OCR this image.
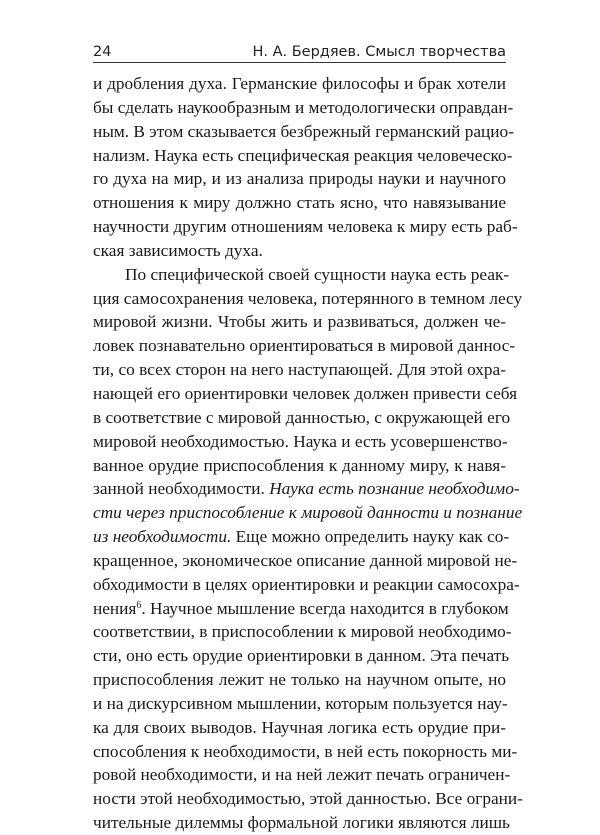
24	Н. А. Бердяев. Смысл творчества
и дробления духа. Германские философы и брак хотели
бы сделать наукообразным и методологически оправдан-
ным. В этом сказывается безбрежный германский рацио-
нализм. Наука есть специфическая реакция человеческо-
го духа на мир, и из анализа природы науки и научного
отношения к миру должно стать ясно, что навязывание
научности другим отношениям человека к миру есть раб-
ская зависимость духа.
По специфической своей сущности наука есть реак-
ция самосохранения человека, потерянного в темном лесу
мировой жизни. Чтобы жить и развиваться, должен че-
ловек познавательно ориентироваться в мировой даннос-
ти, со всех сторон на него наступающей. Для этой охра-
нающей его ориентировки человек должен привести себя
в соответствие с мировой данностью, с окружающей его
мировой необходимостью. Наука и есть усовершенство-
ванное орудие приспособления к данному миру, к навя-
занной необходимости. Наука есть познание необходимо-
сти через приспособление к мировой данности и познание
из необходимости. Еще можно определить науку как со-
кращенное, экономическое описание данной мировой не-
обходимости в целях ориентировки и реакции самосохра-
нения$^6$. Научное мышление всегда находится в глубоком
соответствии, в приспособлении к мировой необходимо-
сти, оно есть орудие ориентировки в данном. Эта печать
приспособления лежит не только на научном опыте, но
и на дискурсивном мышлении, которым пользуется нау-
ка для своих выводов. Научная логика есть орудие при-
способления к необходимости, в ней есть покорность ми-
ровой необходимости, и на ней лежит печать ограничен-
ности этой необходимостью, этой данностью. Все ограни-
чительные дилеммы формальной логики являются лишь
